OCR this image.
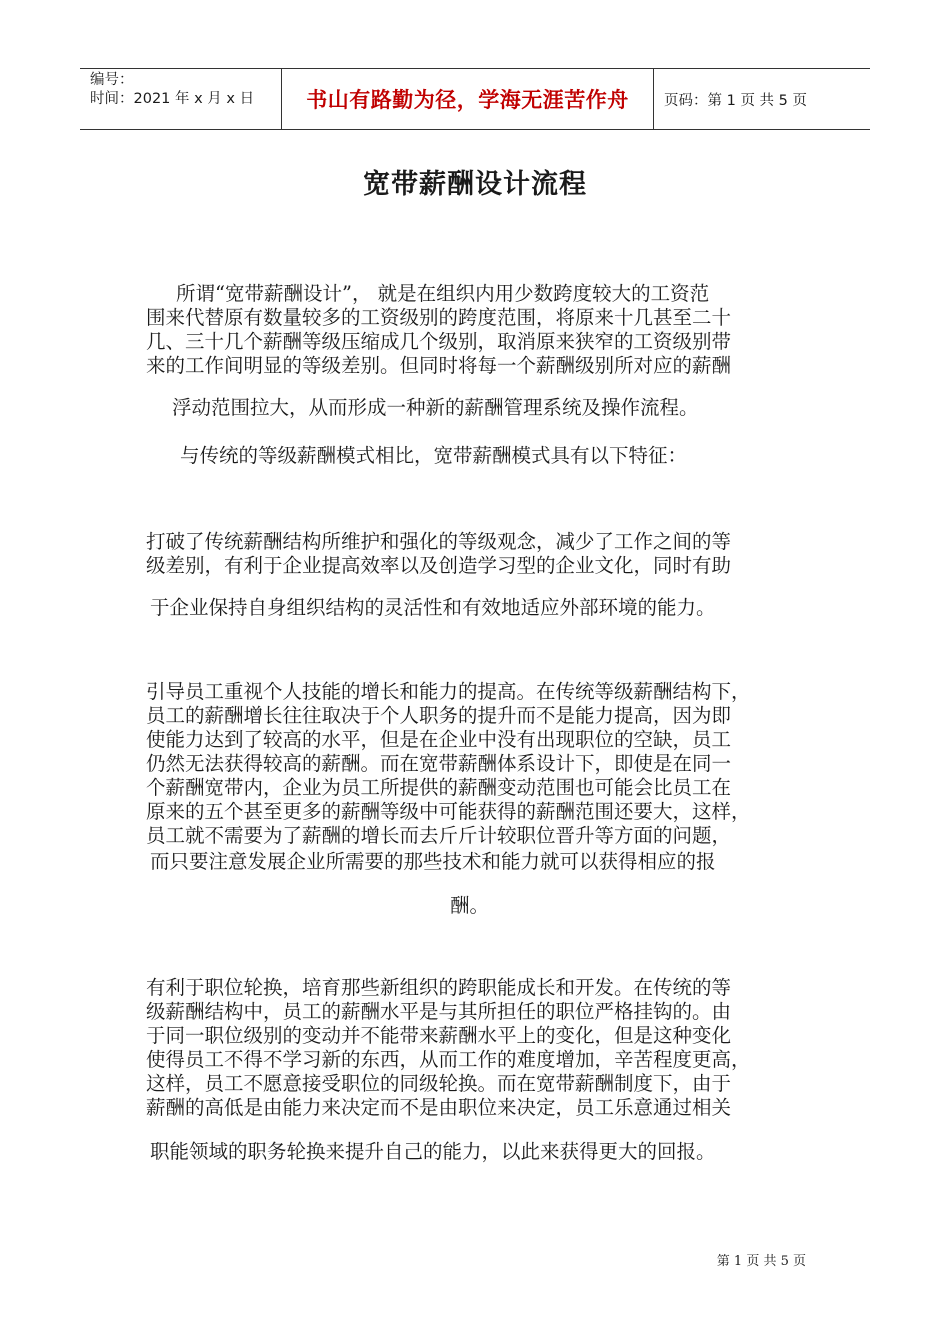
编号：
时间：2021 年 x 月 x 日	书山有路勤为径，学海无涯苦作舟	页码：第 1 页 共 5 页
宽带薪酬设计流程
所谓“宽带薪酬设计”， 就是在组织内用少数跨度较大的工资范
围来代替原有数量较多的工资级别的跨度范围，将原来十几甚至二十
几、三十几个薪酬等级压缩成几个级别，取消原来狭窄的工资级别带
来的工作间明显的等级差别。但同时将每一个薪酬级别所对应的薪酬
浮动范围拉大，从而形成一种新的薪酬管理系统及操作流程。
与传统的等级薪酬模式相比，宽带薪酬模式具有以下特征：
打破了传统薪酬结构所维护和强化的等级观念，减少了工作之间的等
级差别，有利于企业提高效率以及创造学习型的企业文化，同时有助
于企业保持自身组织结构的灵活性和有效地适应外部环境的能力。
引导员工重视个人技能的增长和能力的提高。在传统等级薪酬结构下，
员工的薪酬增长往往取决于个人职务的提升而不是能力提高，因为即
使能力达到了较高的水平，但是在企业中没有出现职位的空缺，员工
仍然无法获得较高的薪酬。而在宽带薪酬体系设计下，即使是在同一
个薪酬宽带内，企业为员工所提供的薪酬变动范围也可能会比员工在
原来的五个甚至更多的薪酬等级中可能获得的薪酬范围还要大，这样，
员工就不需要为了薪酬的增长而去斤斤计较职位晋升等方面的问题，
而只要注意发展企业所需要的那些技术和能力就可以获得相应的报
酬。
有利于职位轮换，培育那些新组织的跨职能成长和开发。在传统的等
级薪酬结构中，员工的薪酬水平是与其所担任的职位严格挂钩的。由
于同一职位级别的变动并不能带来薪酬水平上的变化，但是这种变化
使得员工不得不学习新的东西，从而工作的难度增加，辛苦程度更高，
这样，员工不愿意接受职位的同级轮换。而在宽带薪酬制度下，由于
薪酬的高低是由能力来决定而不是由职位来决定，员工乐意通过相关
职能领域的职务轮换来提升自己的能力，以此来获得更大的回报。
第 1 页 共 5 页
